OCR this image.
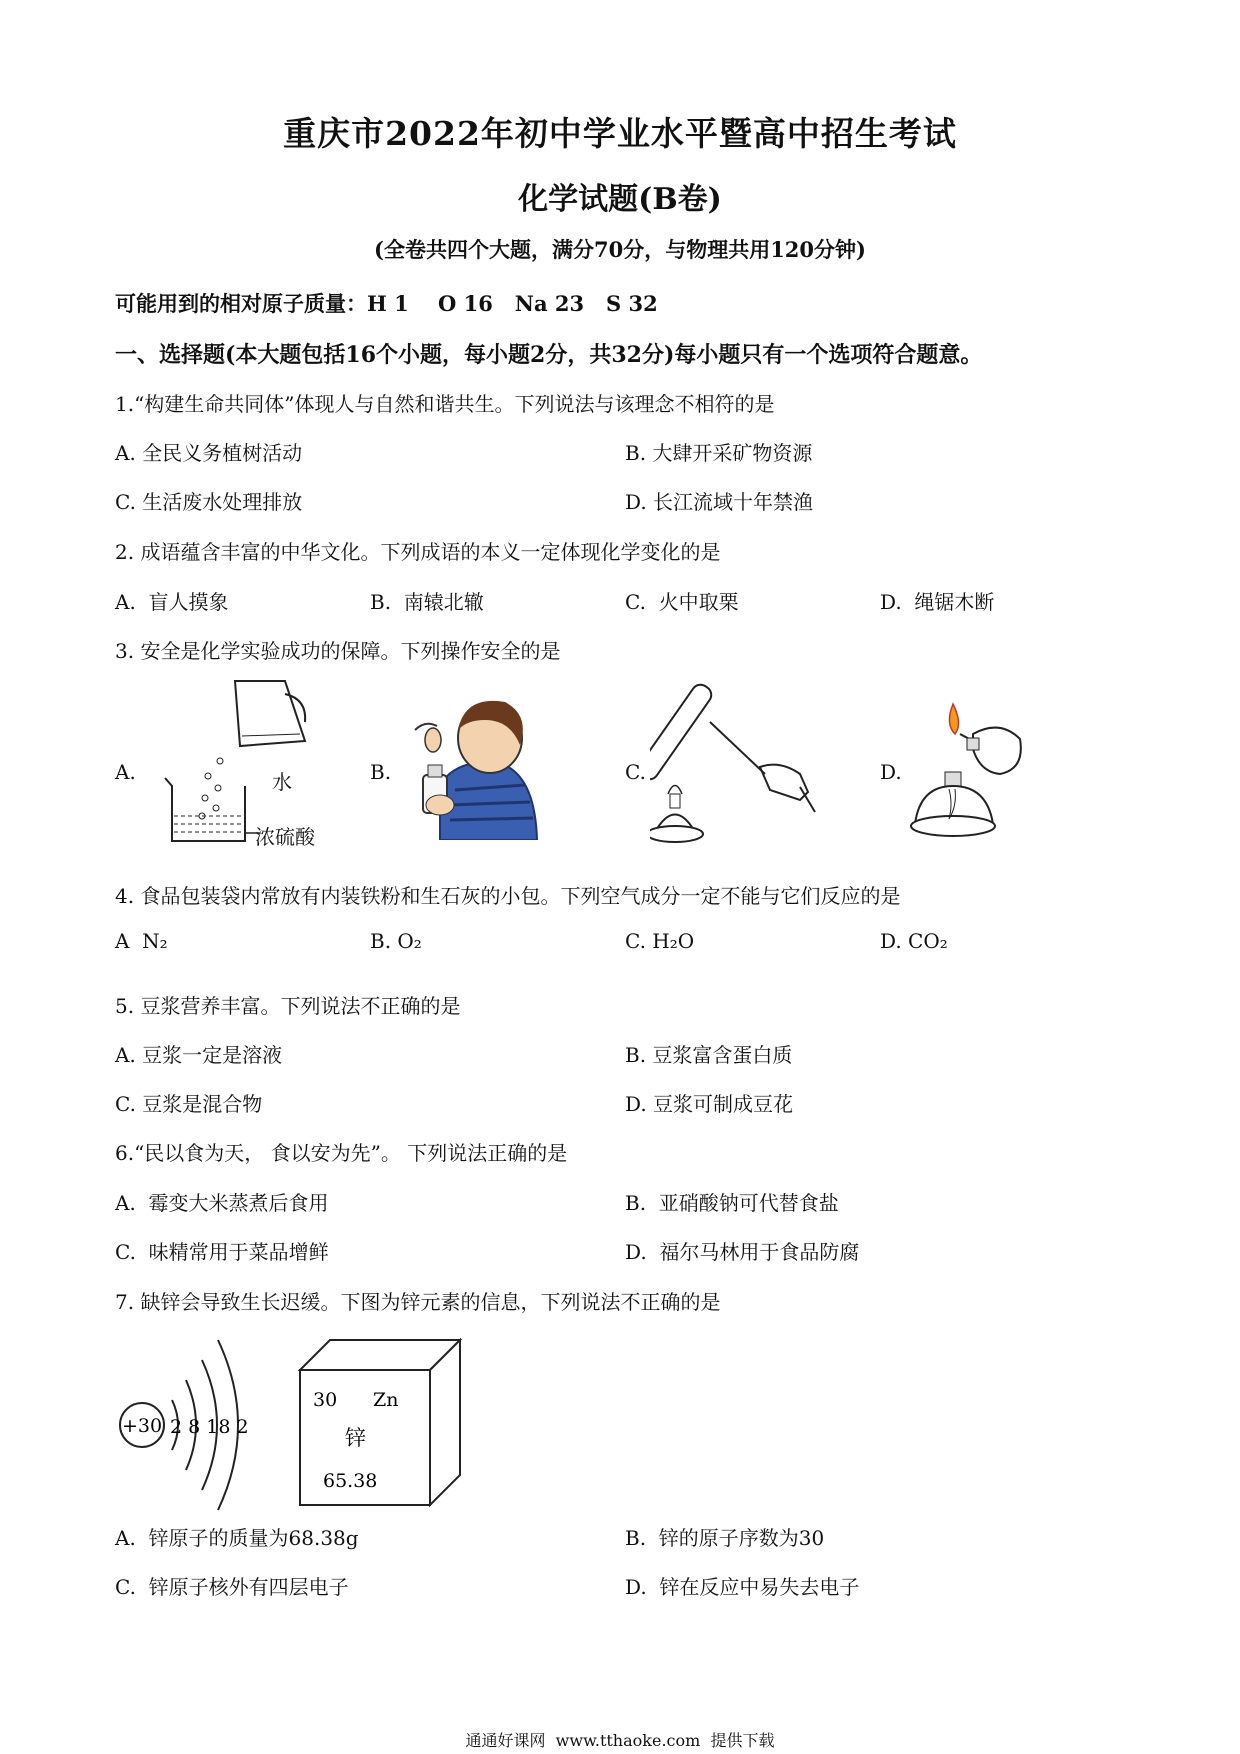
重庆市2022年初中学业水平暨高中招生考试
化学试题(B卷)
(全卷共四个大题，满分70分，与物理共用120分钟)
可能用到的相对原子质量：H 1    O 16   Na 23   S 32
一、选择题(本大题包括16个小题，每小题2分，共32分)每小题只有一个选项符合题意。
1.“构建生命共同体”体现人与自然和谐共生。下列说法与该理念不相符的是
A. 全民义务植树活动	B. 大肆开采矿物资源
C. 生活废水处理排放	D. 长江流域十年禁渔
2. 成语蕴含丰富的中华文化。下列成语的本义一定体现化学变化的是
A.  盲人摸象	B.  南辕北辙	C.  火中取栗	D.  绳锯木断
3. 安全是化学实验成功的保障。下列操作安全的是
A.	B.	C.	D.
水
浓硫酸
4. 食品包装袋内常放有内装铁粉和生石灰的小包。下列空气成分一定不能与它们反应的是
A  N₂	B. O₂	C. H₂O	D. CO₂
5. 豆浆营养丰富。下列说法不正确的是
A. 豆浆一定是溶液	B. 豆浆富含蛋白质
C. 豆浆是混合物	D. 豆浆可制成豆花
6.“民以食为天， 食以安为先”。 下列说法正确的是
A.  霉变大米蒸煮后食用	B.  亚硝酸钠可代替食盐
C.  味精常用于菜品增鲜	D.  福尔马林用于食品防腐
7. 缺锌会导致生长迟缓。下图为锌元素的信息，下列说法不正确的是
+30 2 8 18 2
30 Zn
锌
65.38
A.  锌原子的质量为68.38g	B.  锌的原子序数为30
C.  锌原子核外有四层电子	D.  锌在反应中易失去电子
通通好课网  www.tthaoke.com  提供下载
